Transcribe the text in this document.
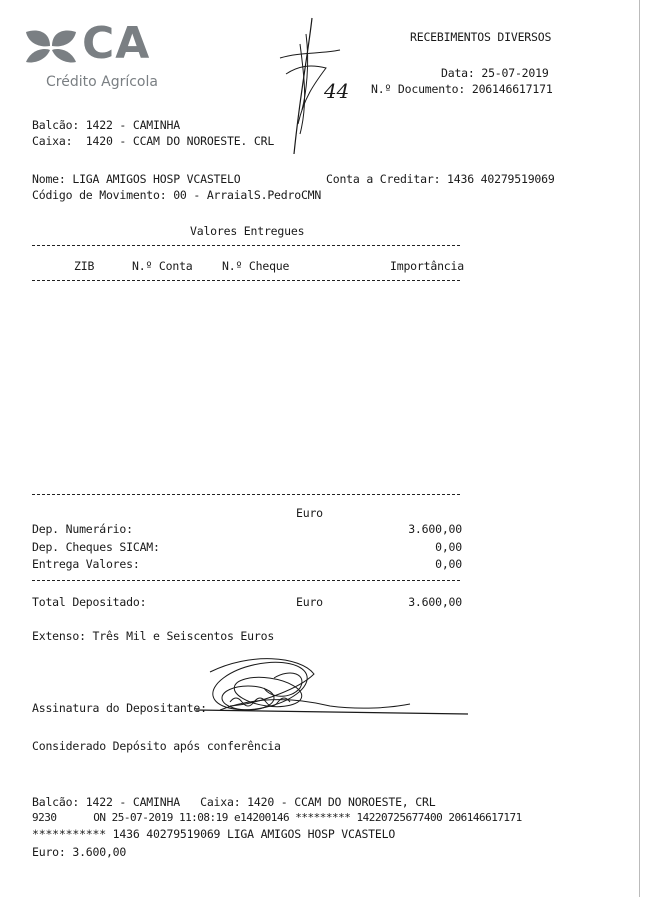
CA
Crédito Agrícola
RECEBIMENTOS DIVERSOS
Data: 25-07-2019
N.º Documento: 206146617171
44
Balcão: 1422 - CAMINHA
Caixa:  1420 - CCAM DO NOROESTE. CRL
Nome: LIGA AMIGOS HOSP VCASTELO	Conta a Creditar: 1436 40279519069
Código de Movimento: 00 - ArraialS.PedroCMN
Valores Entregues
ZIB	N.º Conta	N.º Cheque	Importância
Euro
Dep. Numerário:	3.600,00
Dep. Cheques SICAM:	0,00
Entrega Valores:	0,00
Total Depositado:	Euro	3.600,00
Extenso: Três Mil e Seiscentos Euros
Assinatura do Depositante:
Considerado Depósito após conferência
Balcão: 1422 - CAMINHA   Caixa: 1420 - CCAM DO NOROESTE, CRL
9230      ON 25-07-2019 11:08:19 e14200146 ********* 14220725677400 206146617171
*********** 1436 40279519069 LIGA AMIGOS HOSP VCASTELO
Euro: 3.600,00
